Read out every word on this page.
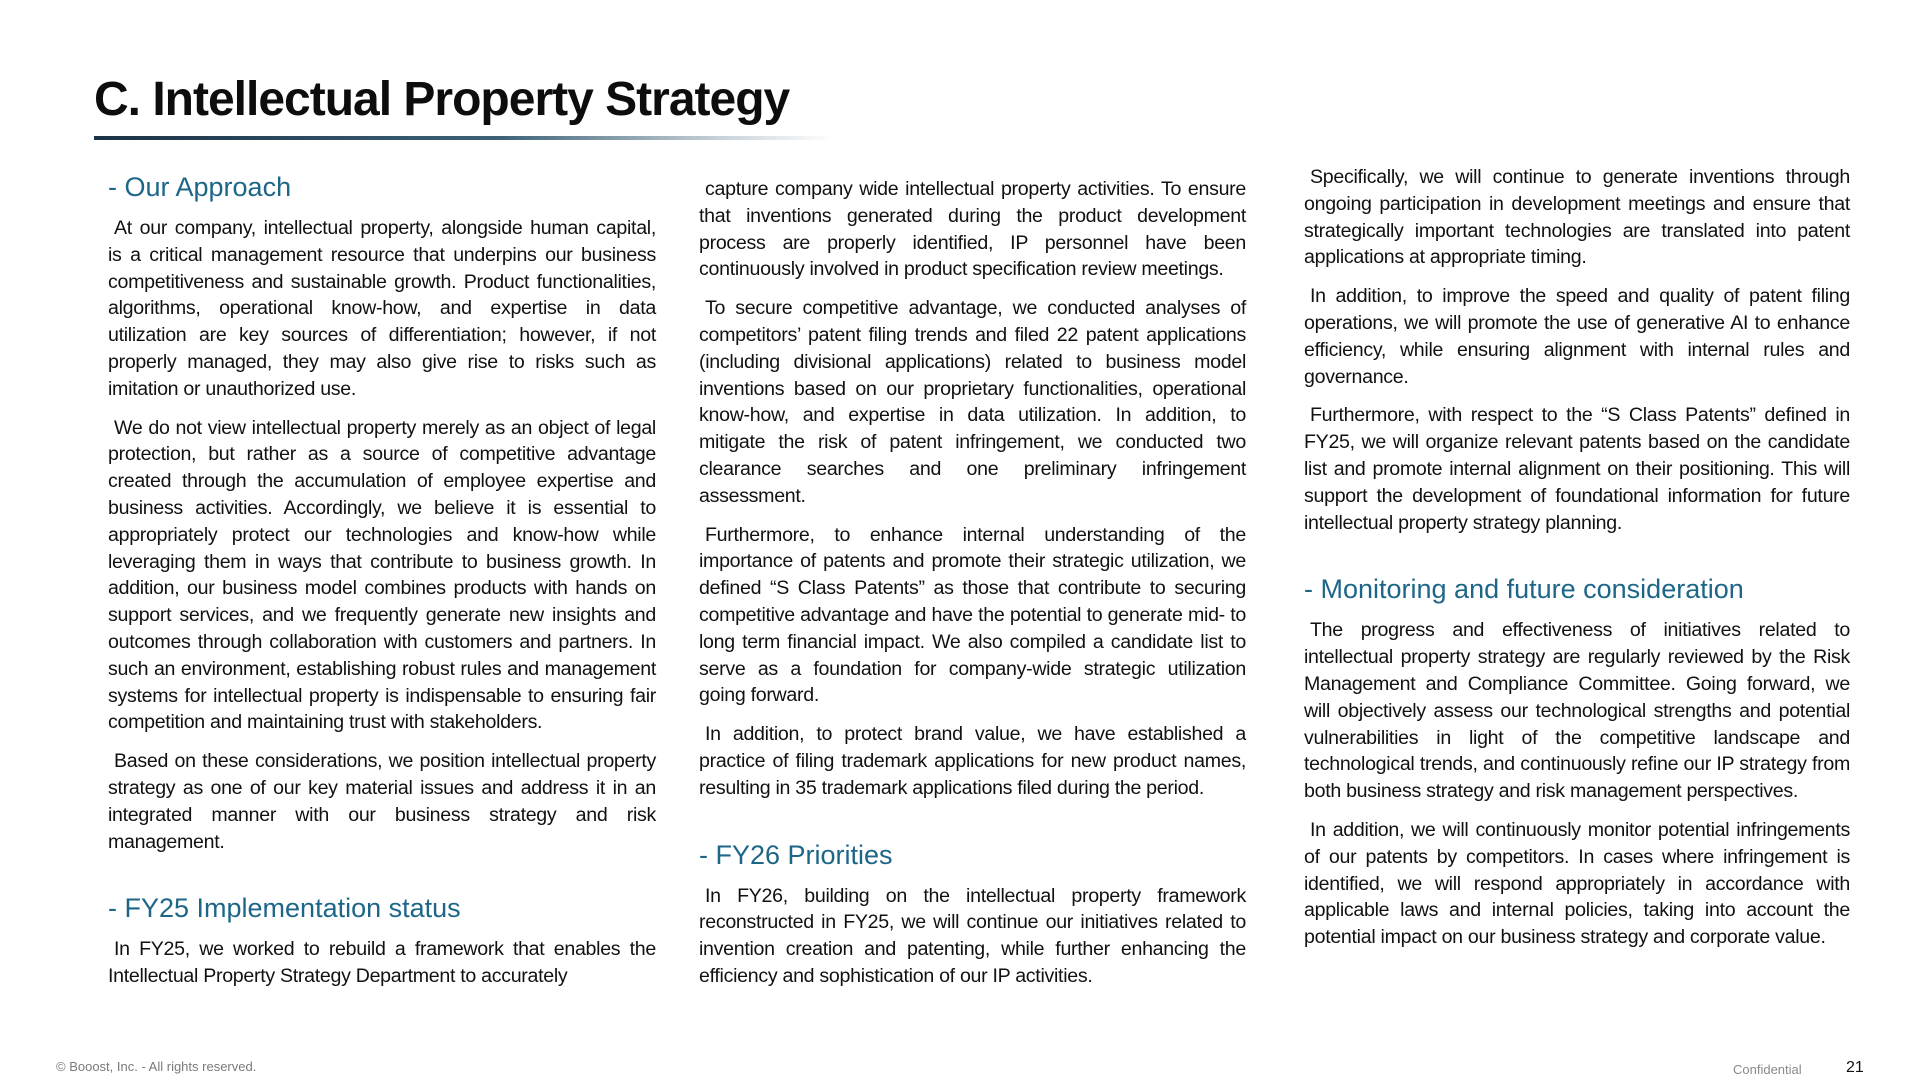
C. Intellectual Property Strategy
- Our Approach

At our company, intellectual property, alongside human capital, is a critical management resource that underpins our business competitiveness and sustainable growth. Product functionalities, algorithms, operational know-how, and expertise in data utilization are key sources of differentiation; however, if not properly managed, they may also give rise to risks such as imitation or unauthorized use.

We do not view intellectual property merely as an object of legal protection, but rather as a source of competitive advantage created through the accumulation of employee expertise and business activities. Accordingly, we believe it is essential to appropriately protect our technologies and know-how while leveraging them in ways that contribute to business growth. In addition, our business model combines products with hands on support services, and we frequently generate new insights and outcomes through collaboration with customers and partners. In such an environment, establishing robust rules and management systems for intellectual property is indispensable to ensuring fair competition and maintaining trust with stakeholders.

Based on these considerations, we position intellectual property strategy as one of our key material issues and address it in an integrated manner with our business strategy and risk management.

- FY25 Implementation status

In FY25, we worked to rebuild a framework that enables the Intellectual Property Strategy Department to accurately

capture company wide intellectual property activities. To ensure that inventions generated during the product development process are properly identified, IP personnel have been continuously involved in product specification review meetings.

To secure competitive advantage, we conducted analyses of competitors’ patent filing trends and filed 22 patent applications (including divisional applications) related to business model inventions based on our proprietary functionalities, operational know-how, and expertise in data utilization. In addition, to mitigate the risk of patent infringement, we conducted two clearance searches and one preliminary infringement assessment.

Furthermore, to enhance internal understanding of the importance of patents and promote their strategic utilization, we defined “S Class Patents” as those that contribute to securing competitive advantage and have the potential to generate mid- to long term financial impact. We also compiled a candidate list to serve as a foundation for company-wide strategic utilization going forward.

In addition, to protect brand value, we have established a practice of filing trademark applications for new product names, resulting in 35 trademark applications filed during the period.

- FY26 Priorities

In FY26, building on the intellectual property framework reconstructed in FY25, we will continue our initiatives related to invention creation and patenting, while further enhancing the efficiency and sophistication of our IP activities.

Specifically, we will continue to generate inventions through ongoing participation in development meetings and ensure that strategically important technologies are translated into patent applications at appropriate timing.

In addition, to improve the speed and quality of patent filing operations, we will promote the use of generative AI to enhance efficiency, while ensuring alignment with internal rules and governance.

Furthermore, with respect to the “S Class Patents” defined in FY25, we will organize relevant patents based on the candidate list and promote internal alignment on their positioning. This will support the development of foundational information for future intellectual property strategy planning.

- Monitoring and future consideration

The progress and effectiveness of initiatives related to intellectual property strategy are regularly reviewed by the Risk Management and Compliance Committee. Going forward, we will objectively assess our technological strengths and potential vulnerabilities in light of the competitive landscape and technological trends, and continuously refine our IP strategy from both business strategy and risk management perspectives.

In addition, we will continuously monitor potential infringements of our patents by competitors. In cases where infringement is identified, we will respond appropriately in accordance with applicable laws and internal policies, taking into account the potential impact on our business strategy and corporate value.

© Booost, Inc. - All rights reserved.	Confidential	21
